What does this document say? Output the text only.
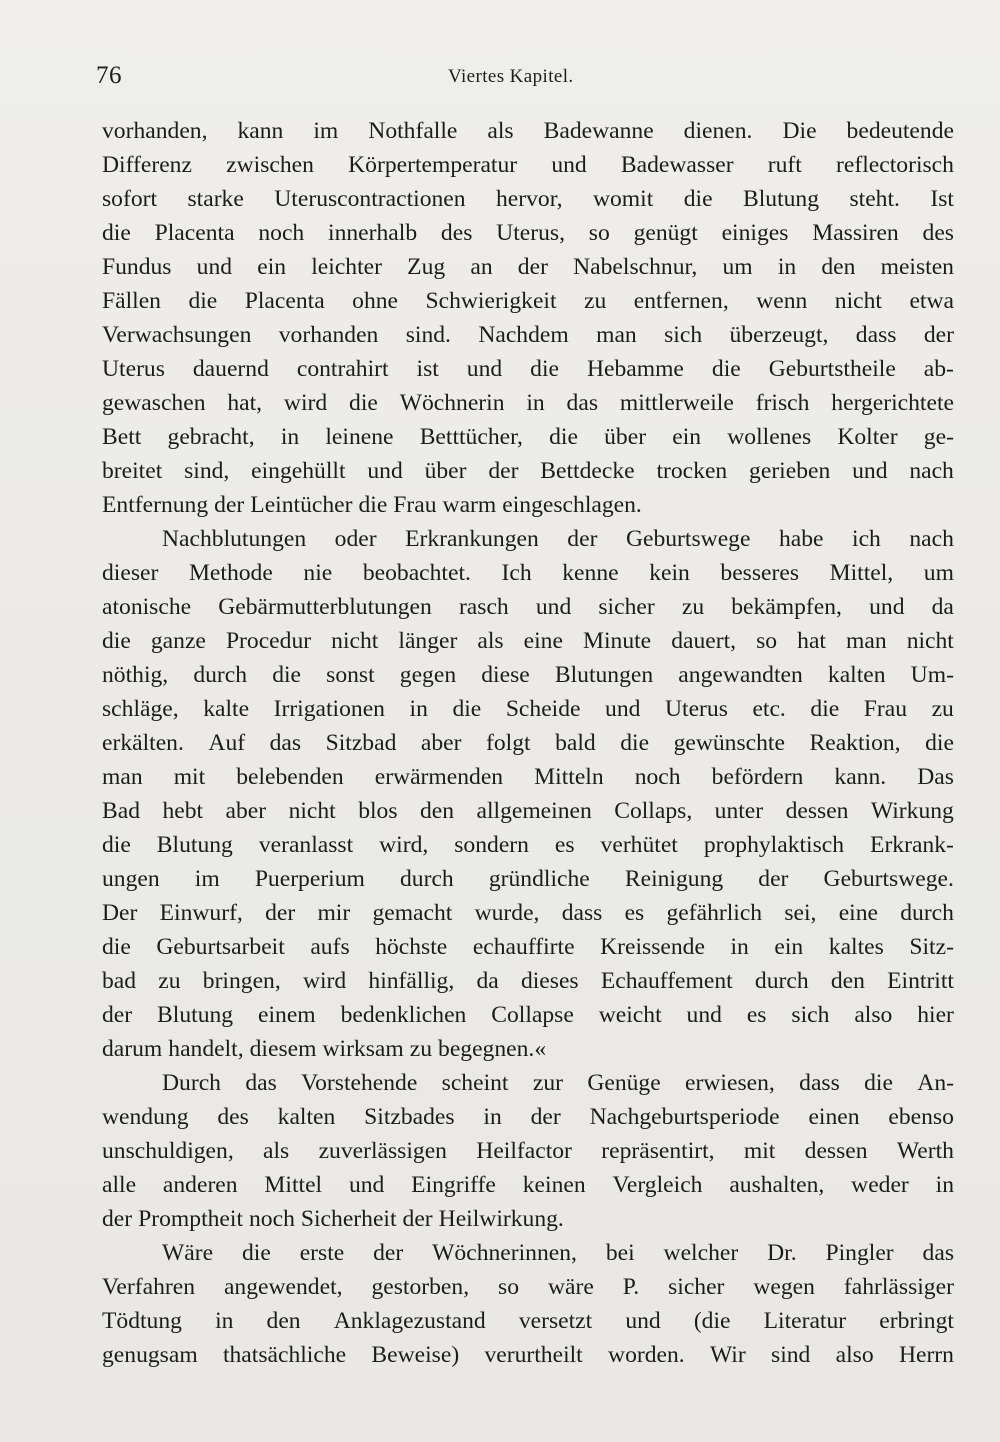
76	Viertes Kapitel.
vorhanden, kann im Nothfalle als Badewanne dienen. Die bedeutende
Differenz zwischen Körpertemperatur und Badewasser ruft reflectorisch
sofort starke Uteruscontractionen hervor, womit die Blutung steht. Ist
die Placenta noch innerhalb des Uterus, so genügt einiges Massiren des
Fundus und ein leichter Zug an der Nabelschnur, um in den meisten
Fällen die Placenta ohne Schwierigkeit zu entfernen, wenn nicht etwa
Verwachsungen vorhanden sind. Nachdem man sich überzeugt, dass der
Uterus dauernd contrahirt ist und die Hebamme die Geburtstheile ab-
gewaschen hat, wird die Wöchnerin in das mittlerweile frisch hergerichtete
Bett gebracht, in leinene Betttücher, die über ein wollenes Kolter ge-
breitet sind, eingehüllt und über der Bettdecke trocken gerieben und nach
Entfernung der Leintücher die Frau warm eingeschlagen.
Nachblutungen oder Erkrankungen der Geburtswege habe ich nach
dieser Methode nie beobachtet. Ich kenne kein besseres Mittel, um
atonische Gebärmutterblutungen rasch und sicher zu bekämpfen, und da
die ganze Procedur nicht länger als eine Minute dauert, so hat man nicht
nöthig, durch die sonst gegen diese Blutungen angewandten kalten Um-
schläge, kalte Irrigationen in die Scheide und Uterus etc. die Frau zu
erkälten. Auf das Sitzbad aber folgt bald die gewünschte Reaktion, die
man mit belebenden erwärmenden Mitteln noch befördern kann. Das
Bad hebt aber nicht blos den allgemeinen Collaps, unter dessen Wirkung
die Blutung veranlasst wird, sondern es verhütet prophylaktisch Erkrank-
ungen im Puerperium durch gründliche Reinigung der Geburtswege.
Der Einwurf, der mir gemacht wurde, dass es gefährlich sei, eine durch
die Geburtsarbeit aufs höchste echauffirte Kreissende in ein kaltes Sitz-
bad zu bringen, wird hinfällig, da dieses Echauffement durch den Eintritt
der Blutung einem bedenklichen Collapse weicht und es sich also hier
darum handelt, diesem wirksam zu begegnen.«
Durch das Vorstehende scheint zur Genüge erwiesen, dass die An-
wendung des kalten Sitzbades in der Nachgeburtsperiode einen ebenso
unschuldigen, als zuverlässigen Heilfactor repräsentirt, mit dessen Werth
alle anderen Mittel und Eingriffe keinen Vergleich aushalten, weder in
der Promptheit noch Sicherheit der Heilwirkung.
Wäre die erste der Wöchnerinnen, bei welcher Dr. Pingler das
Verfahren angewendet, gestorben, so wäre P. sicher wegen fahrlässiger
Tödtung in den Anklagezustand versetzt und (die Literatur erbringt
genugsam thatsächliche Beweise) verurtheilt worden. Wir sind also Herrn
